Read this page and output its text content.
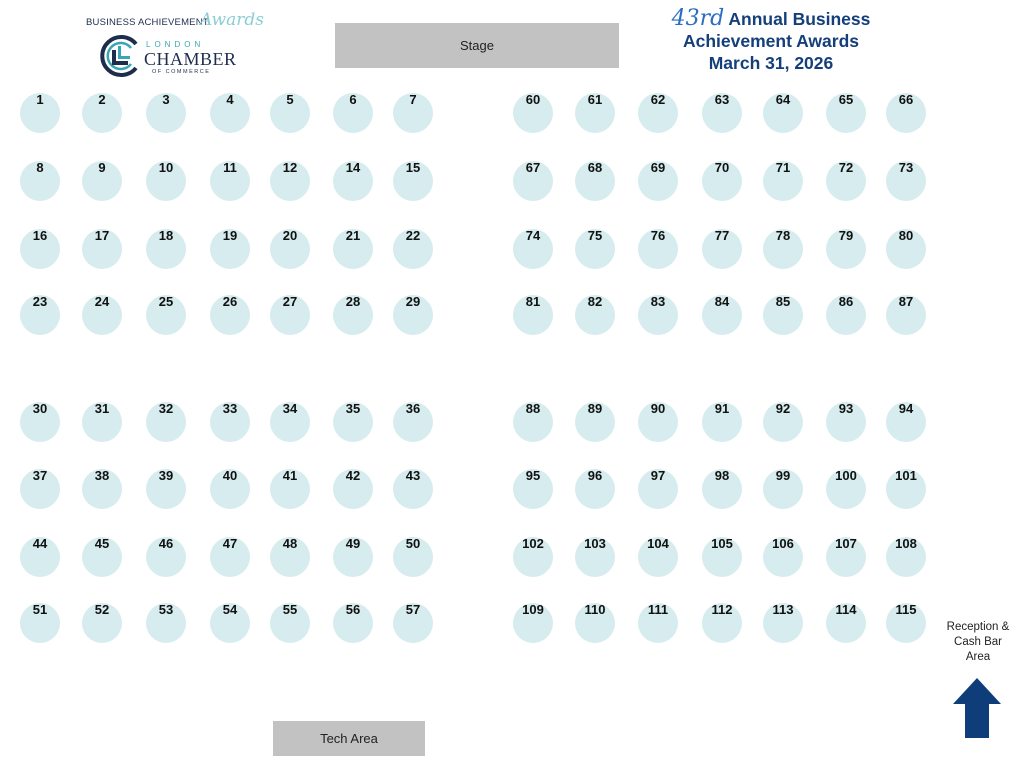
BUSINESS ACHIEVEMENT
Awards
LONDON
CHAMBER
OF COMMERCE
Stage
43rd Annual Business
Achievement Awards
March 31, 2026
1	2	3	4	5	6	7
8	9	10	11	12	14	15
16	17	18	19	20	21	22
23	24	25	26	27	28	29
30	31	32	33	34	35	36
37	38	39	40	41	42	43
44	45	46	47	48	49	50
51	52	53	54	55	56	57
60	61	62	63	64	65	66
67	68	69	70	71	72	73
74	75	76	77	78	79	80
81	82	83	84	85	86	87
88	89	90	91	92	93	94
95	96	97	98	99	100	101
102	103	104	105	106	107	108
109	110	111	112	113	114	115
Tech Area
Reception &
Cash Bar
Area
